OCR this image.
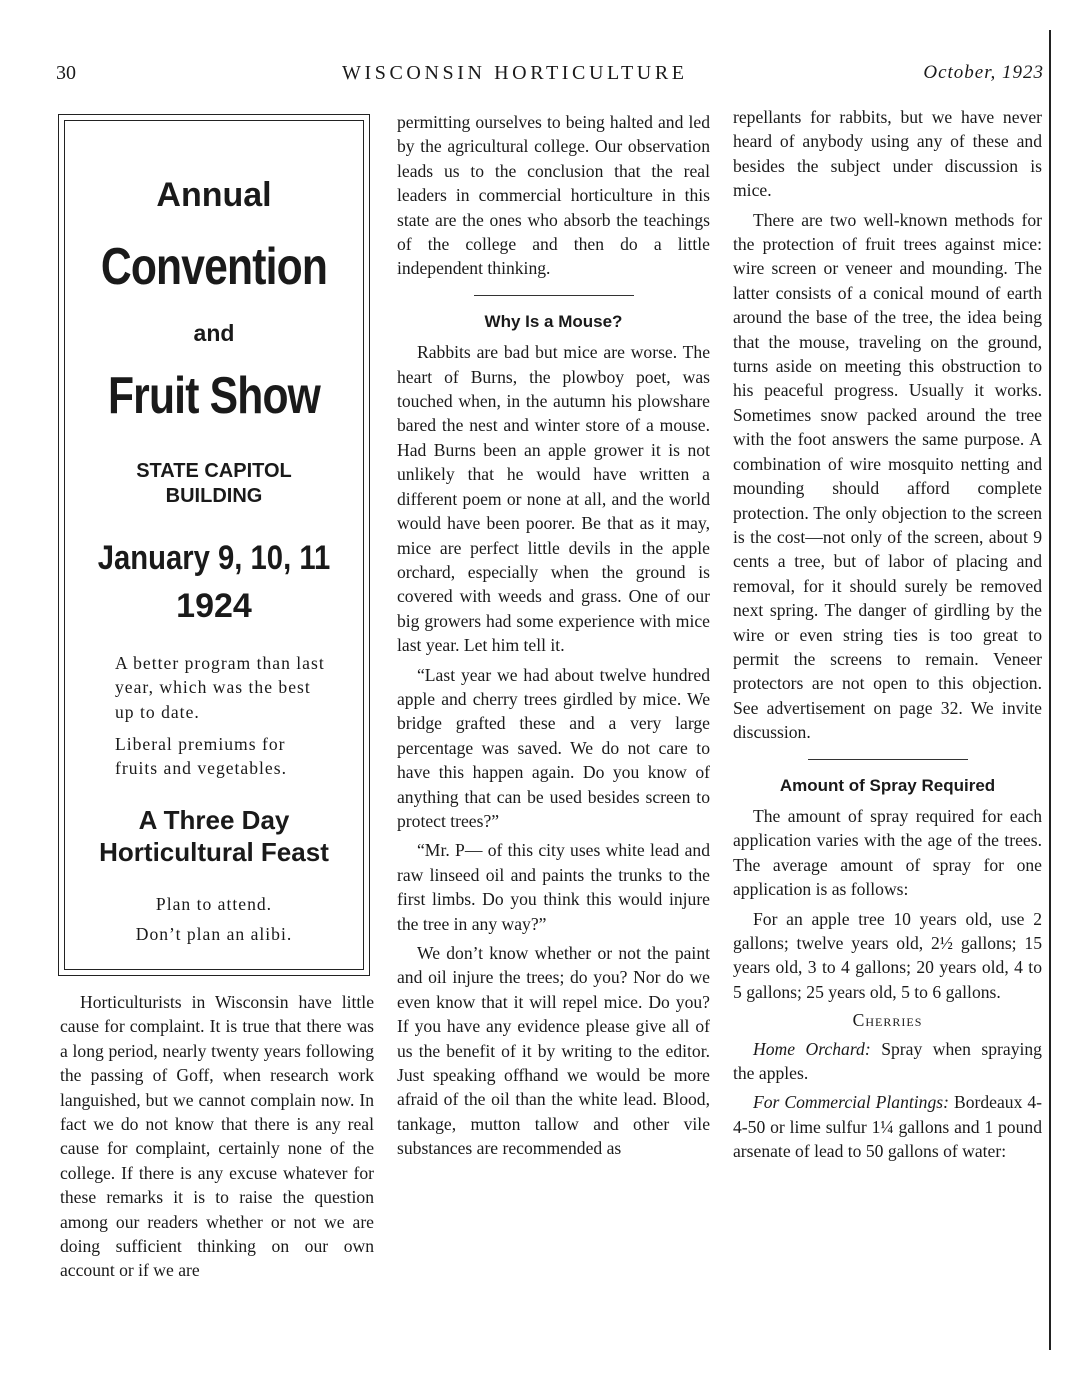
30	WISCONSIN HORTICULTURE	October, 1923
Annual
Convention
and
Fruit Show
STATE CAPITOL BUILDING
January 9, 10, 11
1924
A better program than last year, which was the best up to date.
Liberal premiums for fruits and vegetables.
A Three Day Horticultural Feast
Plan to attend.
Don’t plan an alibi.

Horticulturists in Wisconsin have little cause for complaint. It is true that there was a long period, nearly twenty years following the passing of Goff, when research work languished, but we cannot complain now. In fact we do not know that there is any real cause for complaint, certainly none of the college. If there is any excuse whatever for these remarks it is to raise the question among our readers whether or not we are doing sufficient thinking on our own account or if we are

permitting ourselves to being halted and led by the agricultural college. Our observation leads us to the conclusion that the real leaders in commercial horticulture in this state are the ones who absorb the teachings of the college and then do a little independent thinking.

Why Is a Mouse?

Rabbits are bad but mice are worse. The heart of Burns, the plowboy poet, was touched when, in the autumn his plowshare bared the nest and winter store of a mouse. Had Burns been an apple grower it is not unlikely that he would have written a different poem or none at all, and the world would have been poorer. Be that as it may, mice are perfect little devils in the apple orchard, especially when the ground is covered with weeds and grass. One of our big growers had some experience with mice last year. Let him tell it.

“Last year we had about twelve hundred apple and cherry trees girdled by mice. We bridge grafted these and a very large percentage was saved. We do not care to have this happen again. Do you know of anything that can be used besides screen to protect trees?”

“Mr. P— of this city uses white lead and raw linseed oil and paints the trunks to the first limbs. Do you think this would injure the tree in any way?”

We don’t know whether or not the paint and oil injure the trees; do you? Nor do we even know that it will repel mice. Do you? If you have any evidence please give all of us the benefit of it by writing to the editor. Just speaking offhand we would be more afraid of the oil than the white lead. Blood, tankage, mutton tallow and other vile substances are recommended as

repellants for rabbits, but we have never heard of anybody using any of these and besides the subject under discussion is mice.

There are two well-known methods for the protection of fruit trees against mice: wire screen or veneer and mounding. The latter consists of a conical mound of earth around the base of the tree, the idea being that the mouse, traveling on the ground, turns aside on meeting this obstruction to his peaceful progress. Usually it works. Sometimes snow packed around the tree with the foot answers the same purpose. A combination of wire mosquito netting and mounding should afford complete protection. The only objection to the screen is the cost—not only of the screen, about 9 cents a tree, but of labor of placing and removal, for it should surely be removed next spring. The danger of girdling by the wire or even string ties is too great to permit the screens to remain. Veneer protectors are not open to this objection. See advertisement on page 32. We invite discussion.

Amount of Spray Required

The amount of spray required for each application varies with the age of the trees. The average amount of spray for one application is as follows:

For an apple tree 10 years old, use 2 gallons; twelve years old, 2½ gallons; 15 years old, 3 to 4 gallons; 20 years old, 4 to 5 gallons; 25 years old, 5 to 6 gallons.

Cherries

Home Orchard: Spray when spraying the apples.

For Commercial Plantings: Bordeaux 4-4-50 or lime sulfur 1¼ gallons and 1 pound arsenate of lead to 50 gallons of water:
